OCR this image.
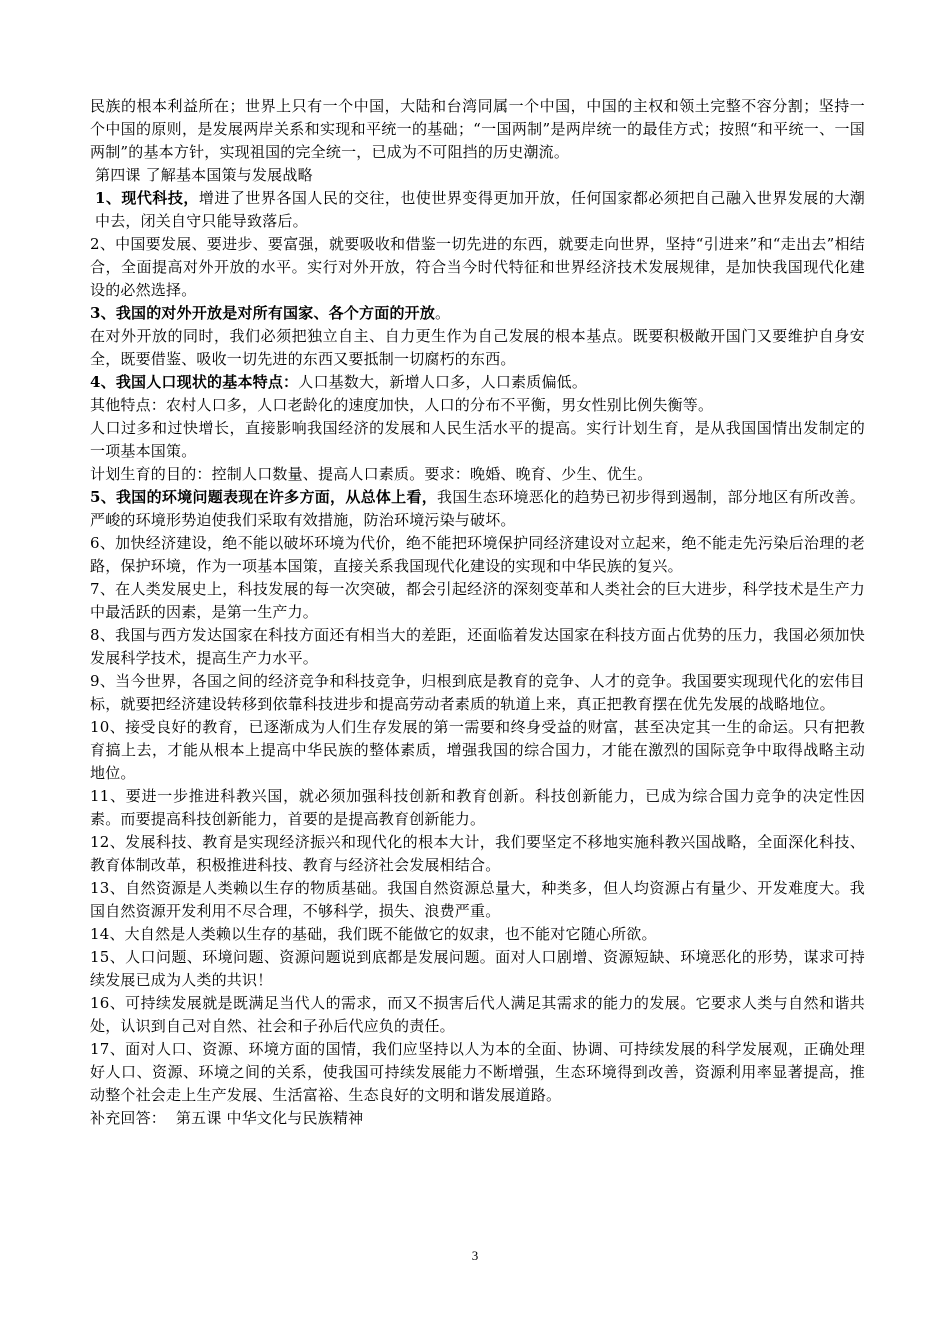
民族的根本利益所在；世界上只有一个中国，大陆和台湾同属一个中国，中国的主权和领土完整不容分割；坚持一个中国的原则，是发展两岸关系和实现和平统一的基础；“一国两制”是两岸统一的最佳方式；按照“和平统一、一国两制”的基本方针，实现祖国的完全统一，已成为不可阻挡的历史潮流。

第四课 了解基本国策与发展战略

1、现代科技，增进了世界各国人民的交往，也使世界变得更加开放，任何国家都必须把自己融入世界发展的大潮中去，闭关自守只能导致落后。

2、中国要发展、要进步、要富强，就要吸收和借鉴一切先进的东西，就要走向世界，坚持“引进来”和“走出去”相结合，全面提高对外开放的水平。实行对外开放，符合当今时代特征和世界经济技术发展规律，是加快我国现代化建设的必然选择。

3、我国的对外开放是对所有国家、各个方面的开放。

在对外开放的同时，我们必须把独立自主、自力更生作为自己发展的根本基点。既要积极敞开国门又要维护自身安全，既要借鉴、吸收一切先进的东西又要抵制一切腐朽的东西。

4、我国人口现状的基本特点：人口基数大，新增人口多，人口素质偏低。

其他特点：农村人口多，人口老龄化的速度加快，人口的分布不平衡，男女性别比例失衡等。

人口过多和过快增长，直接影响我国经济的发展和人民生活水平的提高。实行计划生育，是从我国国情出发制定的一项基本国策。

计划生育的目的：控制人口数量、提高人口素质。要求：晚婚、晚育、少生、优生。

5、我国的环境问题表现在许多方面，从总体上看，我国生态环境恶化的趋势已初步得到遏制，部分地区有所改善。严峻的环境形势迫使我们采取有效措施，防治环境污染与破坏。

6、加快经济建设，绝不能以破坏环境为代价，绝不能把环境保护同经济建设对立起来，绝不能走先污染后治理的老路，保护环境，作为一项基本国策，直接关系我国现代化建设的实现和中华民族的复兴。

7、在人类发展史上，科技发展的每一次突破，都会引起经济的深刻变革和人类社会的巨大进步，科学技术是生产力中最活跃的因素，是第一生产力。

8、我国与西方发达国家在科技方面还有相当大的差距，还面临着发达国家在科技方面占优势的压力，我国必须加快发展科学技术，提高生产力水平。

9、当今世界，各国之间的经济竞争和科技竞争，归根到底是教育的竞争、人才的竞争。我国要实现现代化的宏伟目标，就要把经济建设转移到依靠科技进步和提高劳动者素质的轨道上来，真正把教育摆在优先发展的战略地位。

10、接受良好的教育，已逐渐成为人们生存发展的第一需要和终身受益的财富，甚至决定其一生的命运。只有把教育搞上去，才能从根本上提高中华民族的整体素质，增强我国的综合国力，才能在激烈的国际竞争中取得战略主动地位。

11、要进一步推进科教兴国，就必须加强科技创新和教育创新。科技创新能力，已成为综合国力竞争的决定性因素。而要提高科技创新能力，首要的是提高教育创新能力。

12、发展科技、教育是实现经济振兴和现代化的根本大计，我们要坚定不移地实施科教兴国战略，全面深化科技、教育体制改革，积极推进科技、教育与经济社会发展相结合。

13、自然资源是人类赖以生存的物质基础。我国自然资源总量大，种类多，但人均资源占有量少、开发难度大。我国自然资源开发利用不尽合理，不够科学，损失、浪费严重。

14、大自然是人类赖以生存的基础，我们既不能做它的奴隶，也不能对它随心所欲。

15、人口问题、环境问题、资源问题说到底都是发展问题。面对人口剧增、资源短缺、环境恶化的形势，谋求可持续发展已成为人类的共识！

16、可持续发展就是既满足当代人的需求，而又不损害后代人满足其需求的能力的发展。它要求人类与自然和谐共处，认识到自己对自然、社会和子孙后代应负的责任。

17、面对人口、资源、环境方面的国情，我们应坚持以人为本的全面、协调、可持续发展的科学发展观，正确处理好人口、资源、环境之间的关系，使我国可持续发展能力不断增强，生态环境得到改善，资源利用率显著提高，推动整个社会走上生产发展、生活富裕、生态良好的文明和谐发展道路。

补充回答：  第五课 中华文化与民族精神

3
